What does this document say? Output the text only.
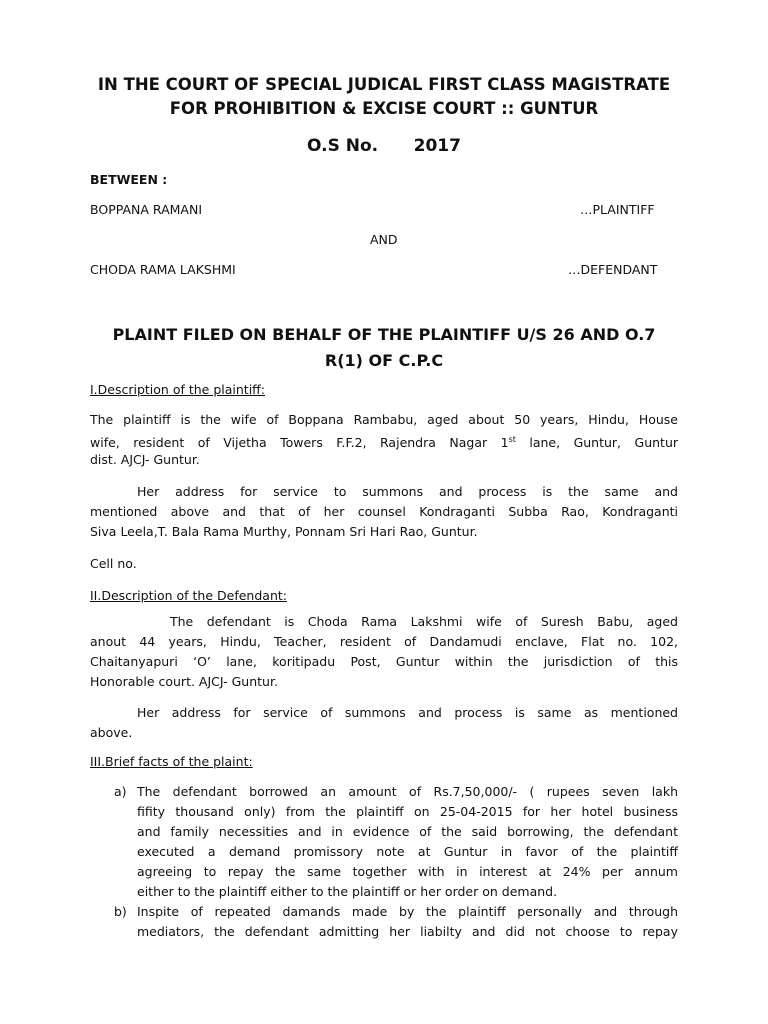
IN THE COURT OF SPECIAL JUDICAL FIRST CLASS MAGISTRATE
FOR PROHIBITION & EXCISE COURT :: GUNTUR
O.S No.      2017
BETWEEN :
BOPPANA RAMANI	…PLAINTIFF
AND
CHODA RAMA LAKSHMI	…DEFENDANT
PLAINT FILED ON BEHALF OF THE PLAINTIFF U/S 26 AND O.7
R(1) OF C.P.C
I.Description of the plaintiff:
The plaintiff is the wife of Boppana Rambabu, aged about 50 years, Hindu, House
wife, resident of Vijetha Towers F.F.2, Rajendra Nagar 1st lane, Guntur, Guntur
dist. AJCJ- Guntur.
Her address for service to summons and process is the same and
mentioned above and that of her counsel Kondraganti Subba Rao, Kondraganti
Siva Leela,T. Bala Rama Murthy, Ponnam Sri Hari Rao, Guntur.
Cell no.
II.Description of the Defendant:
The defendant is Choda Rama Lakshmi wife of Suresh Babu, aged
anout 44 years, Hindu, Teacher, resident of Dandamudi enclave, Flat no. 102,
Chaitanyapuri ‘O’ lane, koritipadu Post, Guntur within the jurisdiction of this
Honorable court. AJCJ- Guntur.
Her address for service of summons and process is same as mentioned
above.
III.Brief facts of the plaint:
a) The defendant borrowed an amount of Rs.7,50,000/- ( rupees seven lakh
fifity thousand only) from the plaintiff on 25-04-2015 for her hotel business
and family necessities and in evidence of the said borrowing, the defendant
executed a demand promissory note at Guntur in favor of the plaintiff
agreeing to repay the same together with in interest at 24% per annum
either to the plaintiff either to the plaintiff or her order on demand.
b) Inspite of repeated damands made by the plaintiff personally and through
mediators, the defendant admitting her liabilty and did not choose to repay
